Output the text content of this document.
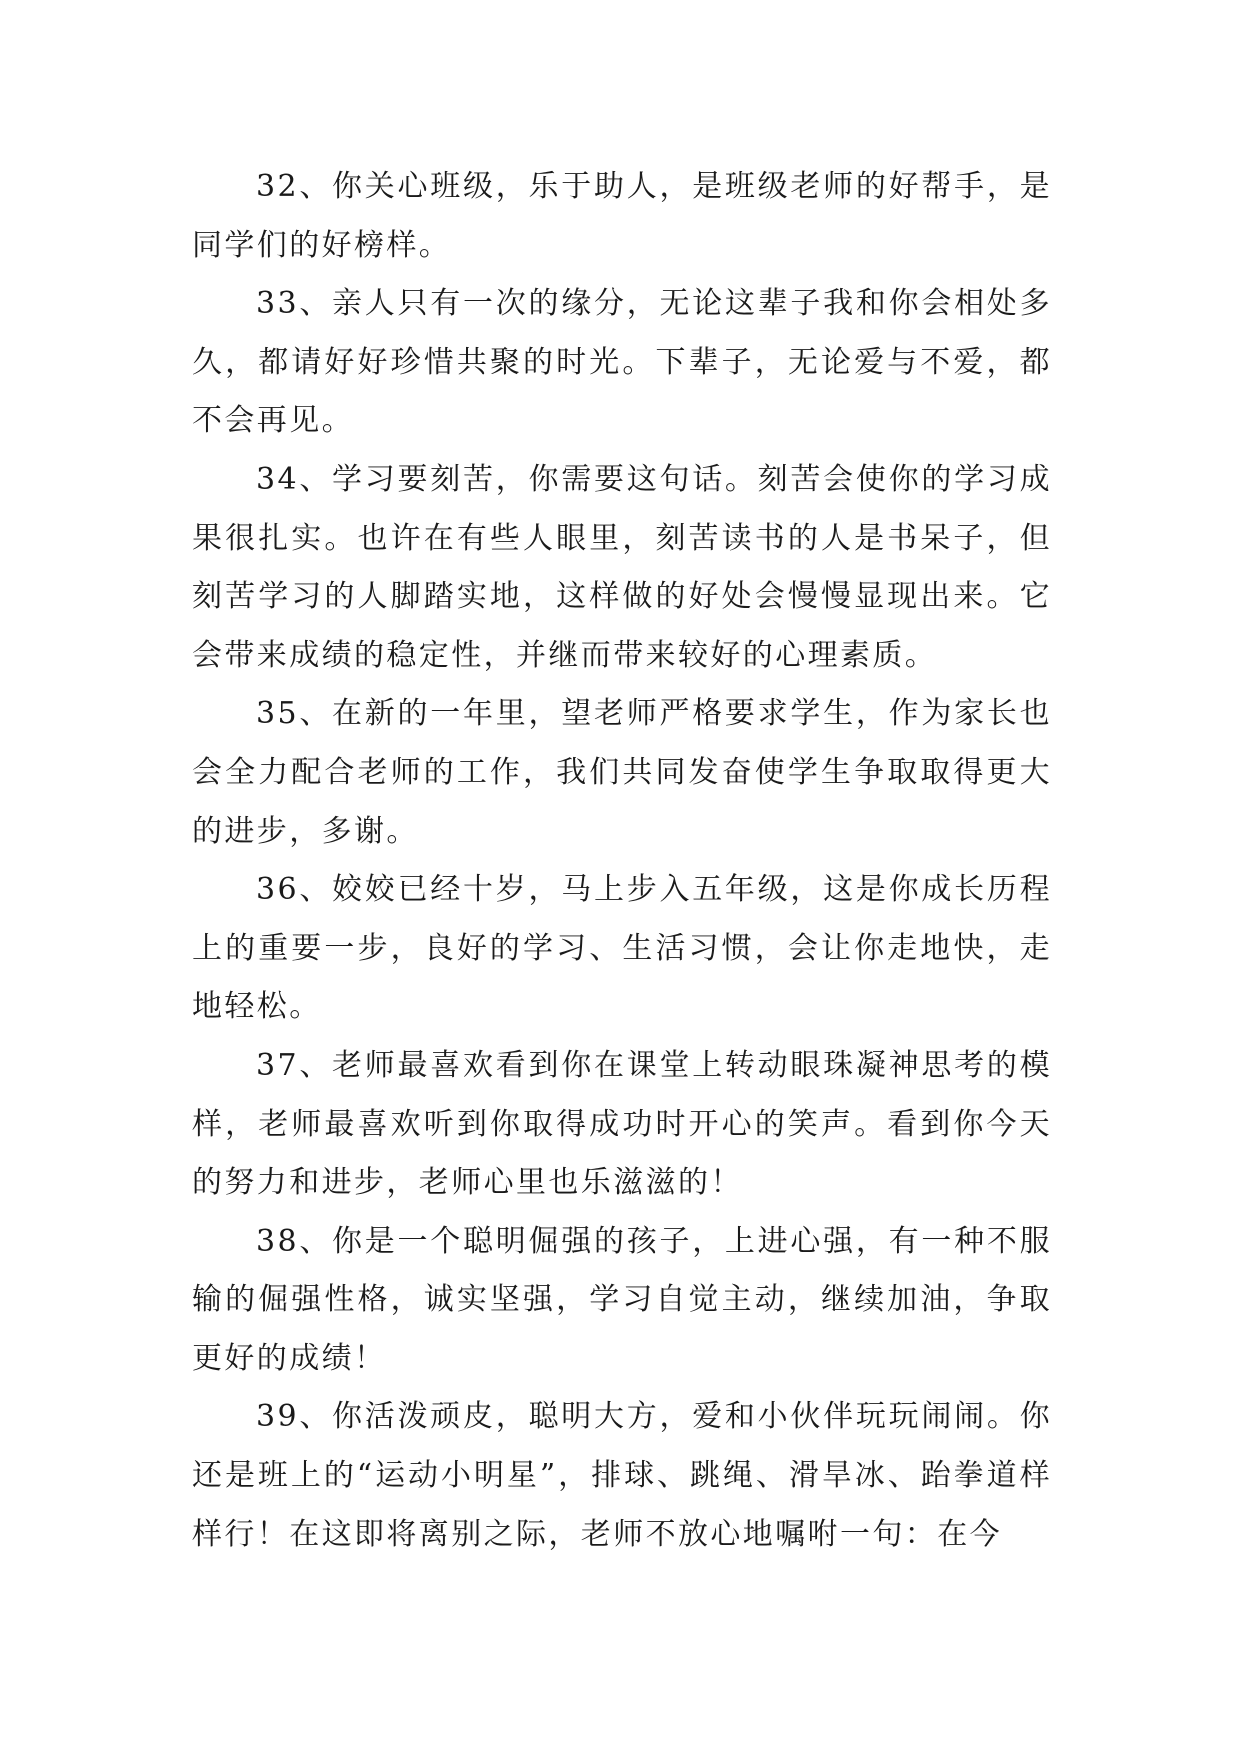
32、你关心班级，乐于助人，是班级老师的好帮手，是同学们的好榜样。

33、亲人只有一次的缘分，无论这辈子我和你会相处多久，都请好好珍惜共聚的时光。下辈子，无论爱与不爱，都不会再见。

34、学习要刻苦，你需要这句话。刻苦会使你的学习成果很扎实。也许在有些人眼里，刻苦读书的人是书呆子，但刻苦学习的人脚踏实地，这样做的好处会慢慢显现出来。它会带来成绩的稳定性，并继而带来较好的心理素质。

35、在新的一年里，望老师严格要求学生，作为家长也会全力配合老师的工作，我们共同发奋使学生争取取得更大的进步，多谢。

36、姣姣已经十岁，马上步入五年级，这是你成长历程上的重要一步，良好的学习、生活习惯，会让你走地快，走地轻松。

37、老师最喜欢看到你在课堂上转动眼珠凝神思考的模样，老师最喜欢听到你取得成功时开心的笑声。看到你今天的努力和进步，老师心里也乐滋滋的！

38、你是一个聪明倔强的孩子，上进心强，有一种不服输的倔强性格，诚实坚强，学习自觉主动，继续加油，争取更好的成绩！

39、你活泼顽皮，聪明大方，爱和小伙伴玩玩闹闹。你还是班上的“运动小明星”，排球、跳绳、滑旱冰、跆拳道样样行！在这即将离别之际，老师不放心地嘱咐一句：在今
